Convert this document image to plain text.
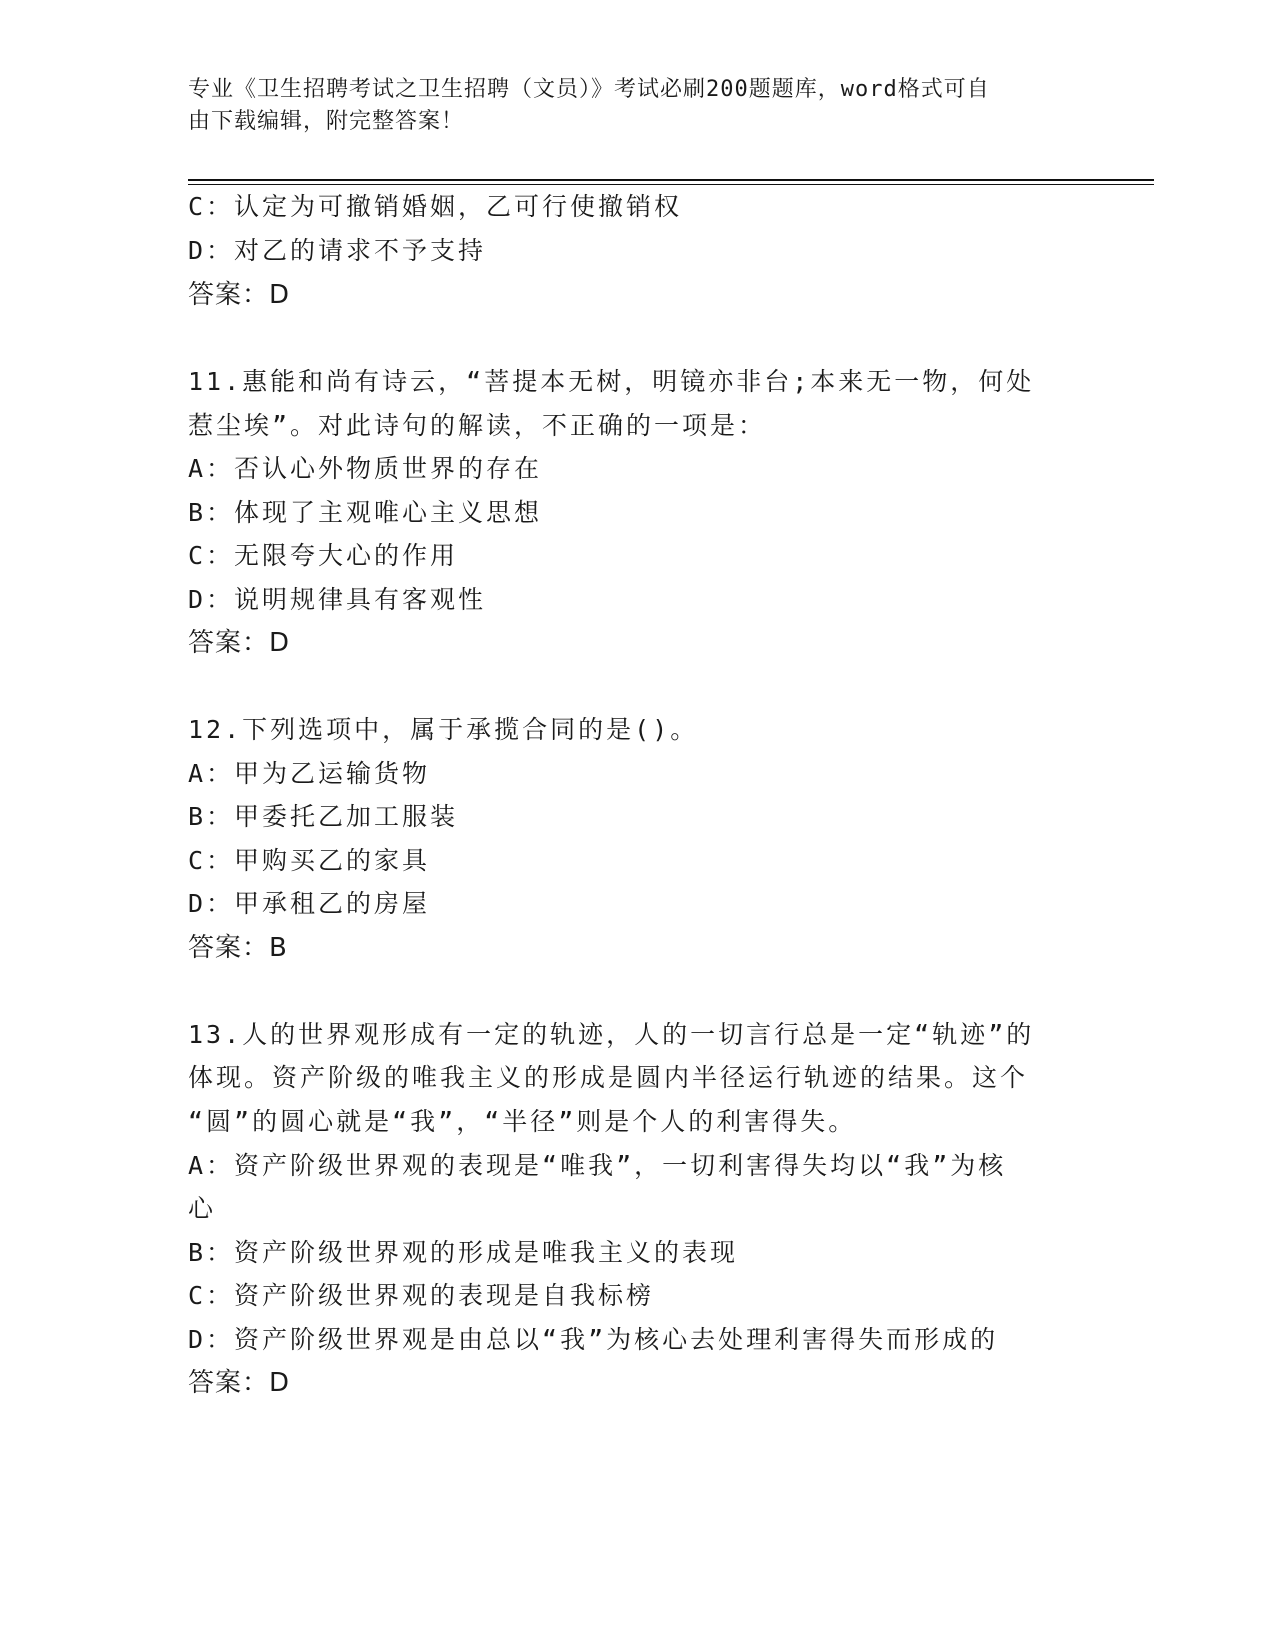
专业《卫生招聘考试之卫生招聘（文员）》考试必刷200题题库，word格式可自
由下载编辑，附完整答案！
C：认定为可撤销婚姻，乙可行使撤销权
D：对乙的请求不予支持
答案：D
11.惠能和尚有诗云，“菩提本无树，明镜亦非台;本来无一物，何处
惹尘埃”。对此诗句的解读，不正确的一项是：
A：否认心外物质世界的存在
B：体现了主观唯心主义思想
C：无限夸大心的作用
D：说明规律具有客观性
答案：D
12.下列选项中，属于承揽合同的是()。
A：甲为乙运输货物
B：甲委托乙加工服装
C：甲购买乙的家具
D：甲承租乙的房屋
答案：B
13.人的世界观形成有一定的轨迹，人的一切言行总是一定“轨迹”的
体现。资产阶级的唯我主义的形成是圆内半径运行轨迹的结果。这个
“圆”的圆心就是“我”，“半径”则是个人的利害得失。
A：资产阶级世界观的表现是“唯我”，一切利害得失均以“我”为核
心
B：资产阶级世界观的形成是唯我主义的表现
C：资产阶级世界观的表现是自我标榜
D：资产阶级世界观是由总以“我”为核心去处理利害得失而形成的
答案：D
